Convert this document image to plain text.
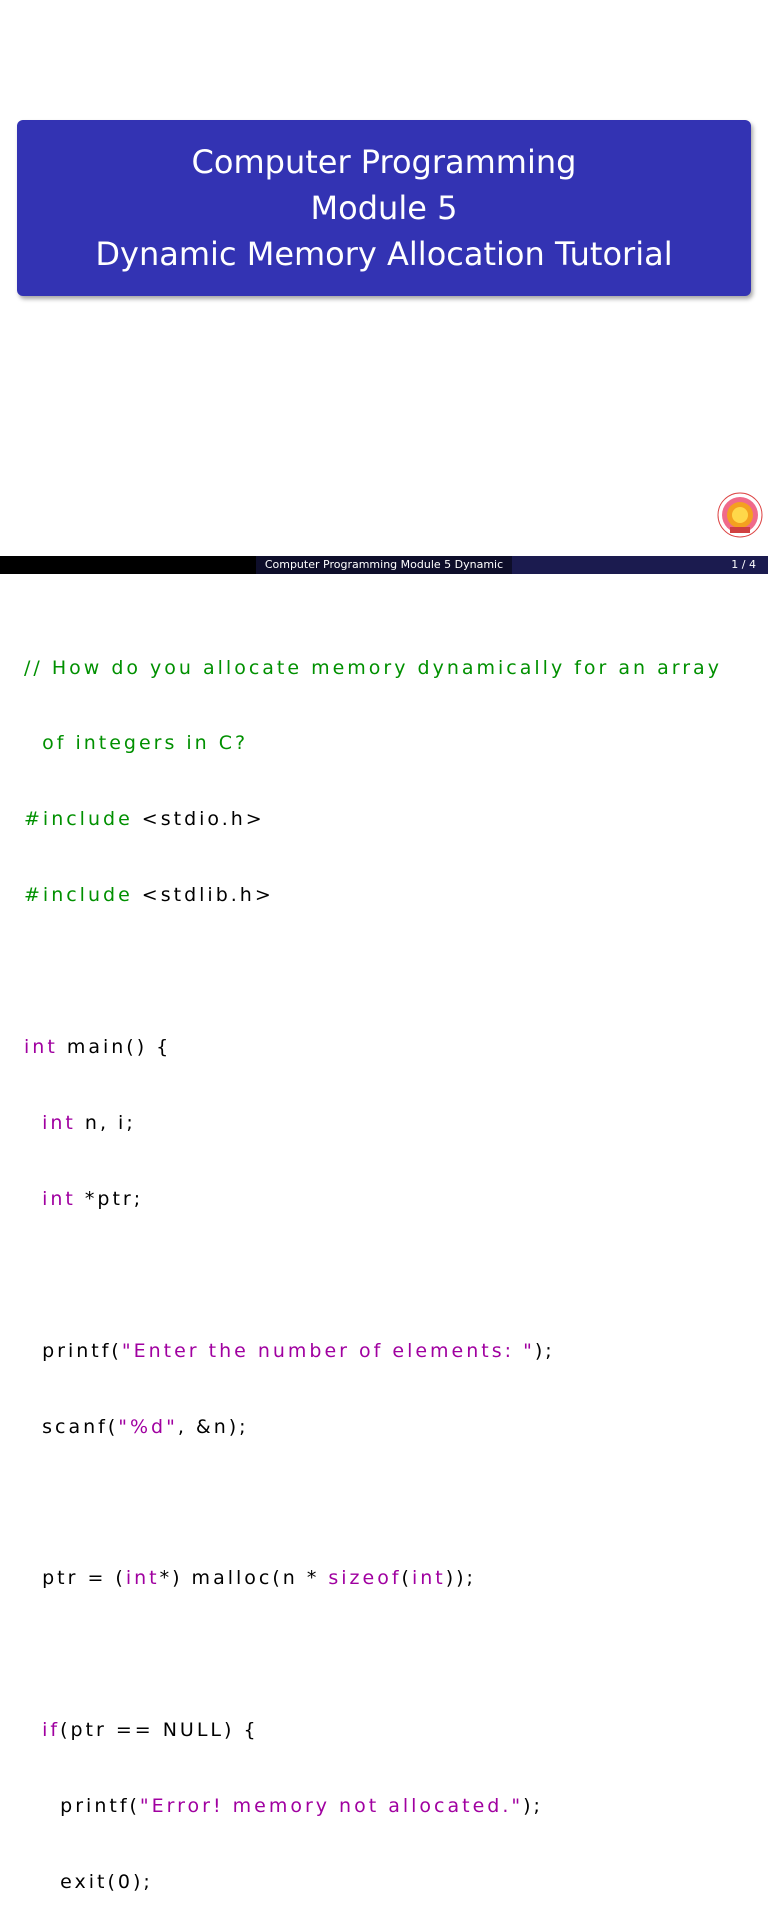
Computer Programming
Module 5
Dynamic Memory Allocation Tutorial
Computer Programming Module 5 Dynamic	1 / 4

// How do you allocate memory dynamically for an array

of integers in C?

#include <stdio.h>

#include <stdlib.h>

int main() {

int n, i;

int *ptr;

printf("Enter the number of elements: ");

scanf("%d", &n);

ptr = (int*) malloc(n * sizeof(int));

if(ptr == NULL) {

printf("Error! memory not allocated.");

exit(0);
